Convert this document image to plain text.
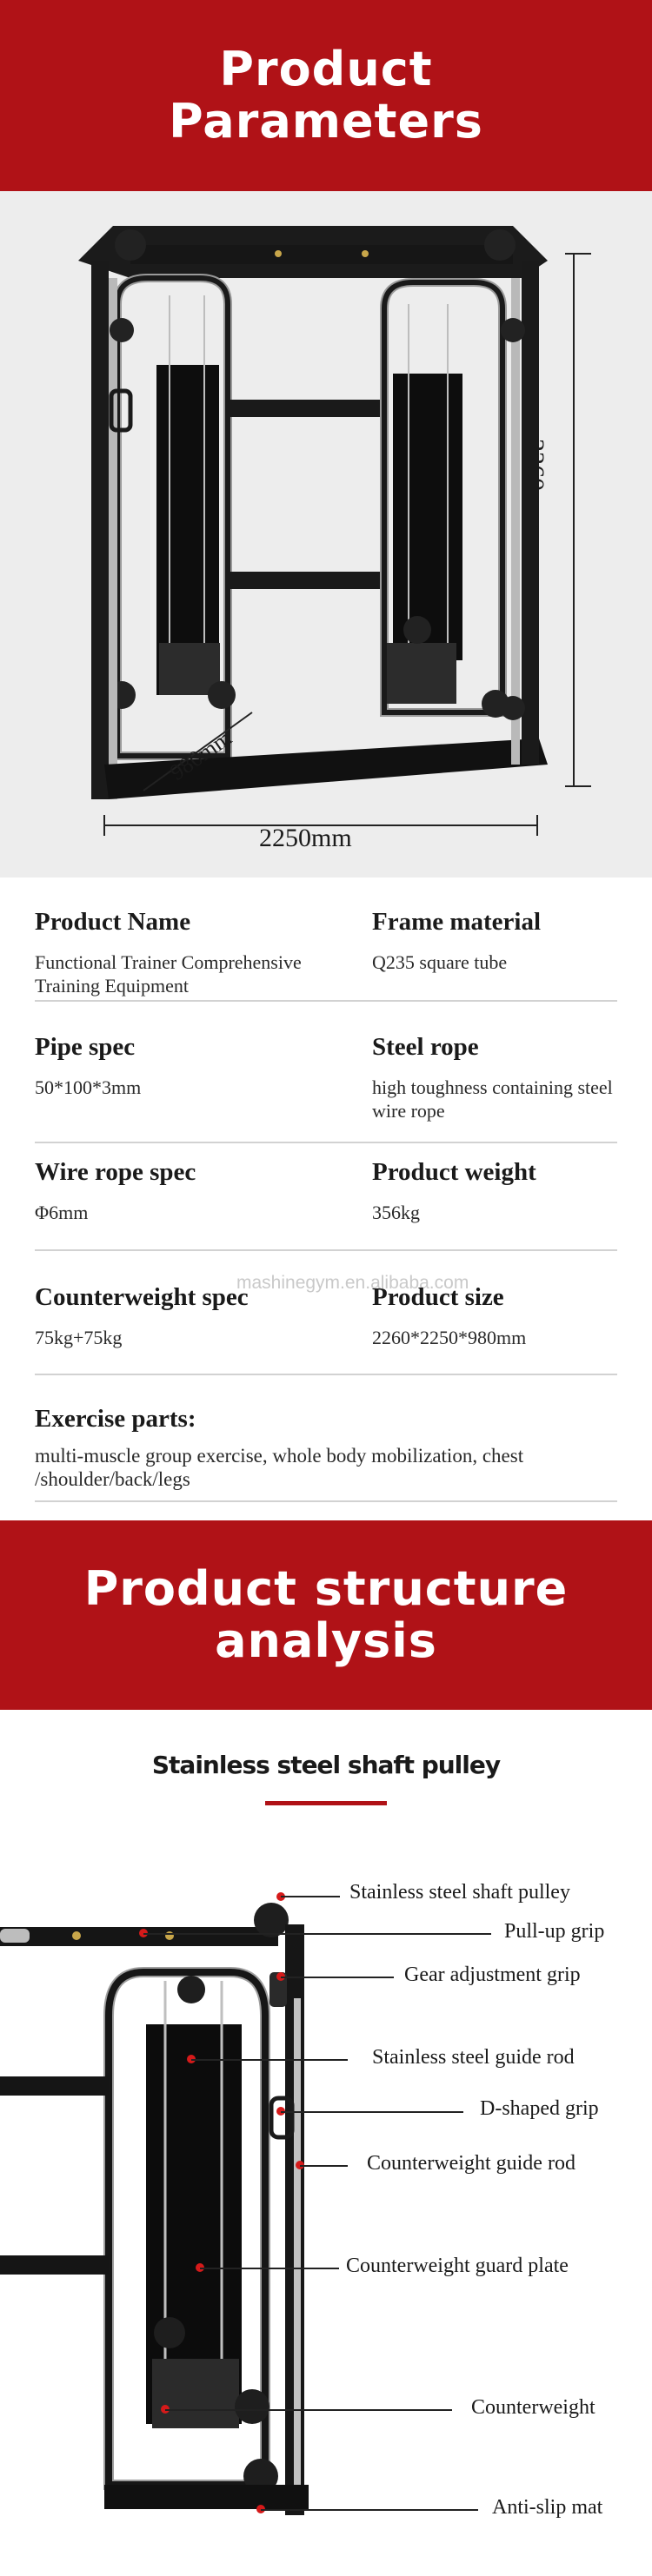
Product
Parameters
2260mm
2250mm
980mm
Product Name
Functional Trainer Comprehensive Training Equipment
Frame material
Q235 square tube
Pipe spec
50*100*3mm
Steel rope
high toughness containing steel wire rope
Wire rope spec
Φ6mm
Product weight
356kg
mashinegym.en.alibaba.com
Counterweight spec
75kg+75kg
Product size
2260*2250*980mm
Exercise parts:
multi-muscle group exercise, whole body mobilization, chest /shoulder/back/legs
Product structure
analysis
Stainless steel shaft pulley
Stainless steel shaft pulley
Pull-up grip
Gear adjustment grip
Stainless steel guide rod
D-shaped grip
Counterweight guide rod
Counterweight guard plate
Counterweight
Anti-slip mat
